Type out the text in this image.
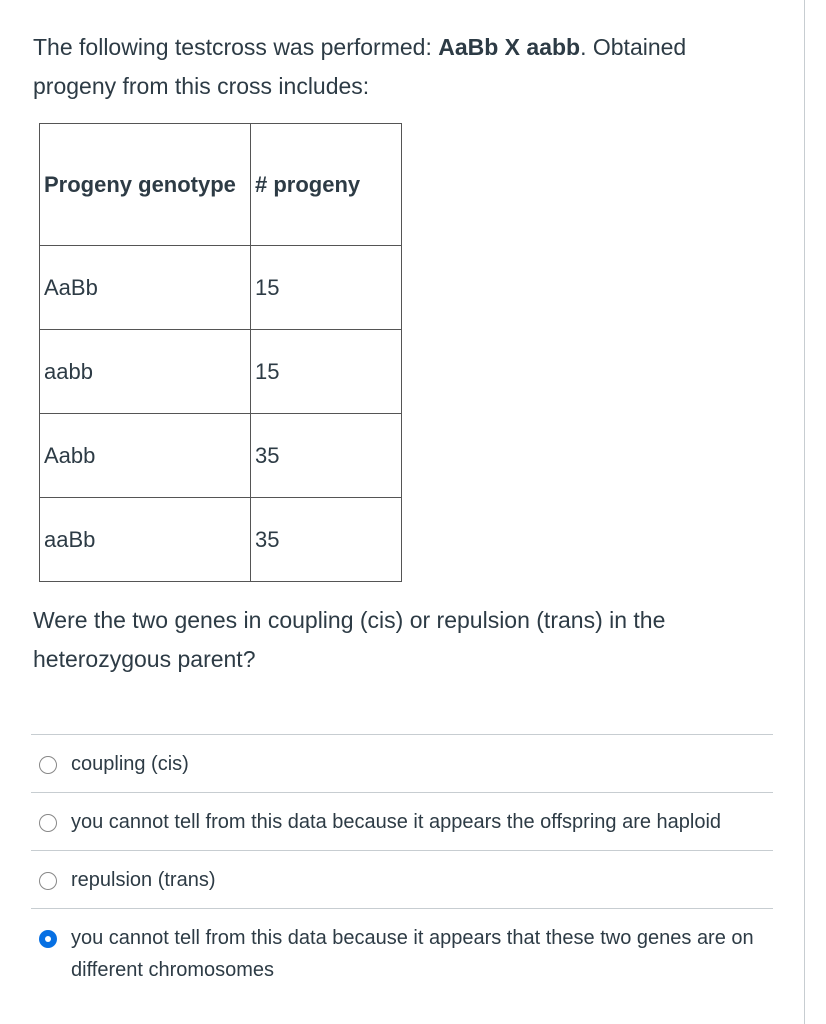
The following testcross was performed: AaBb X aabb. Obtained progeny from this cross includes:
Progeny genotype	# progeny
AaBb	15
aabb	15
Aabb	35
aaBb	35
Were the two genes in coupling (cis) or repulsion (trans) in the heterozygous parent?
coupling (cis)
you cannot tell from this data because it appears the offspring are haploid
repulsion (trans)
you cannot tell from this data because it appears that these two genes are on different chromosomes
